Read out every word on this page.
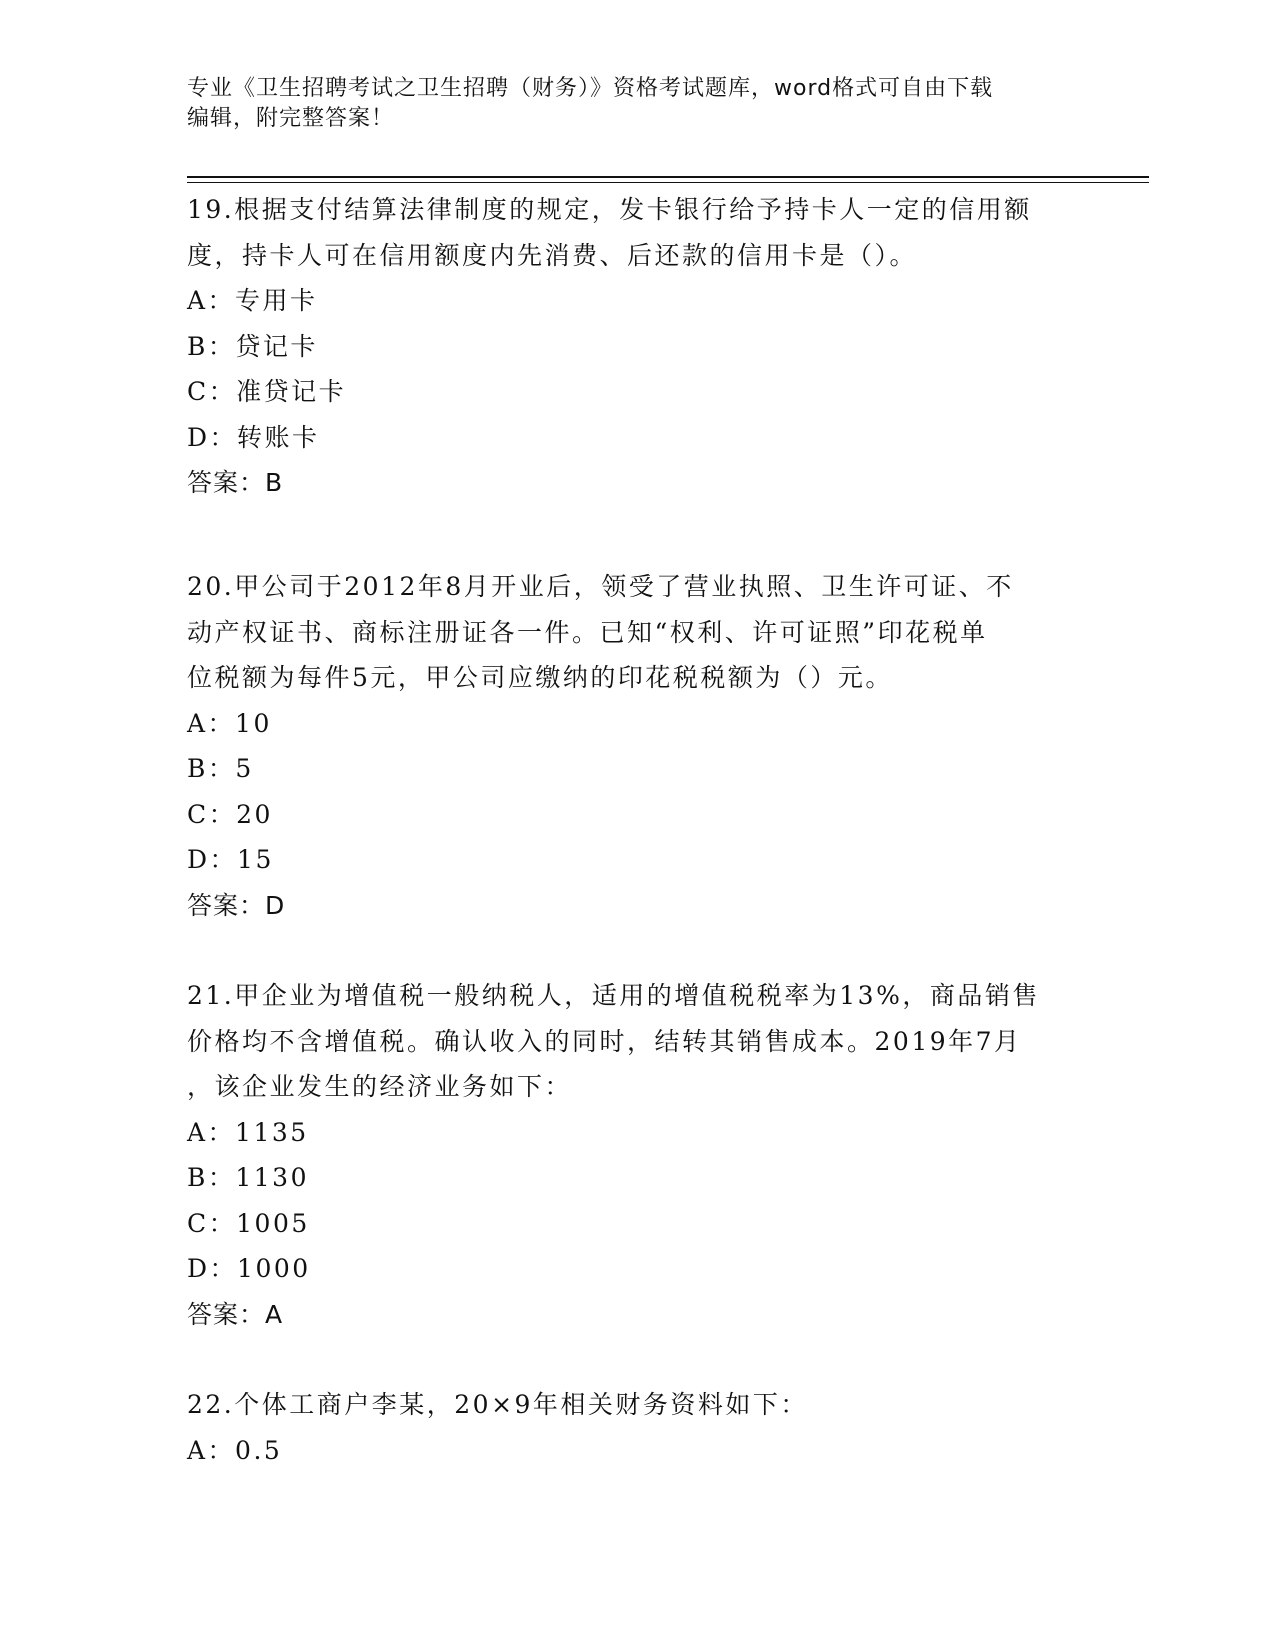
专业《卫生招聘考试之卫生招聘（财务）》资格考试题库，word格式可自由下载
编辑，附完整答案！
19.根据支付结算法律制度的规定，发卡银行给予持卡人一定的信用额
度，持卡人可在信用额度内先消费、后还款的信用卡是（）。
A：专用卡
B：贷记卡
C：准贷记卡
D：转账卡
答案：B
20.甲公司于2012年8月开业后，领受了营业执照、卫生许可证、不
动产权证书、商标注册证各一件。已知“权利、许可证照”印花税单
位税额为每件5元，甲公司应缴纳的印花税税额为（）元。
A：10
B：5
C：20
D：15
答案：D
21.甲企业为增值税一般纳税人，适用的增值税税率为13%，商品销售
价格均不含增值税。确认收入的同时，结转其销售成本。2019年7月
，该企业发生的经济业务如下：
A：1135
B：1130
C：1005
D：1000
答案：A
22.个体工商户李某，20×9年相关财务资料如下：
A：0.5
